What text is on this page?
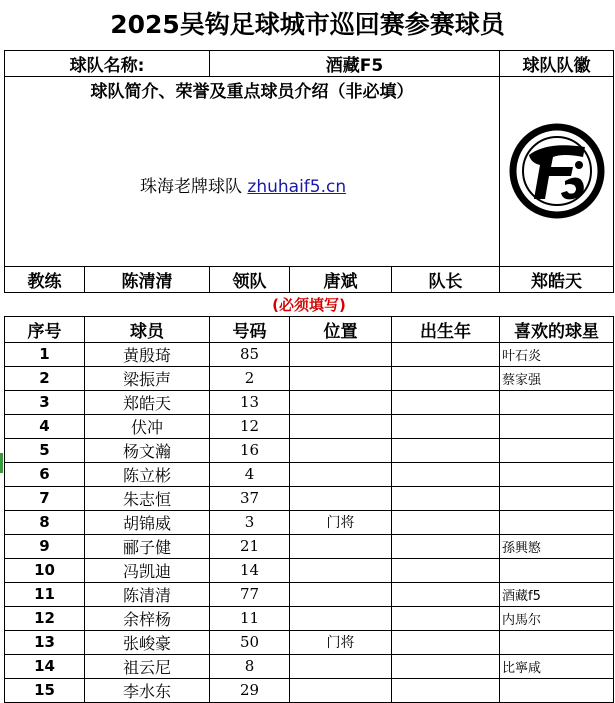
2025吴钩足球城市巡回赛参赛球员
球队名称:		酒藏F5			球队队徽
球队简介、荣誉及重点球员介绍（非必填）	

珠海老牌球队 zhuhaif5.cn					

教练	陈清清	领队	唐斌	队长	郑皓天
(必须填写)					
序号	球员	号码	位置	出生年	喜欢的球星
1	黄殷琦	85			叶石炎
2	梁振声	2			蔡家强
3	郑皓天	13			
4	伏冲	12			
5	杨文瀚	16			
6	陈立彬	4			
7	朱志恒	37			
8	胡锦威	3	门将		
9	郦子健	21			孫興慜
10	冯凯迪	14			
11	陈清清	77			酒藏f5
12	余梓杨	11			内馬尔
13	张峻豪	50	门将		
14	祖云尼	8			比寧咸
15	李水东	29			
